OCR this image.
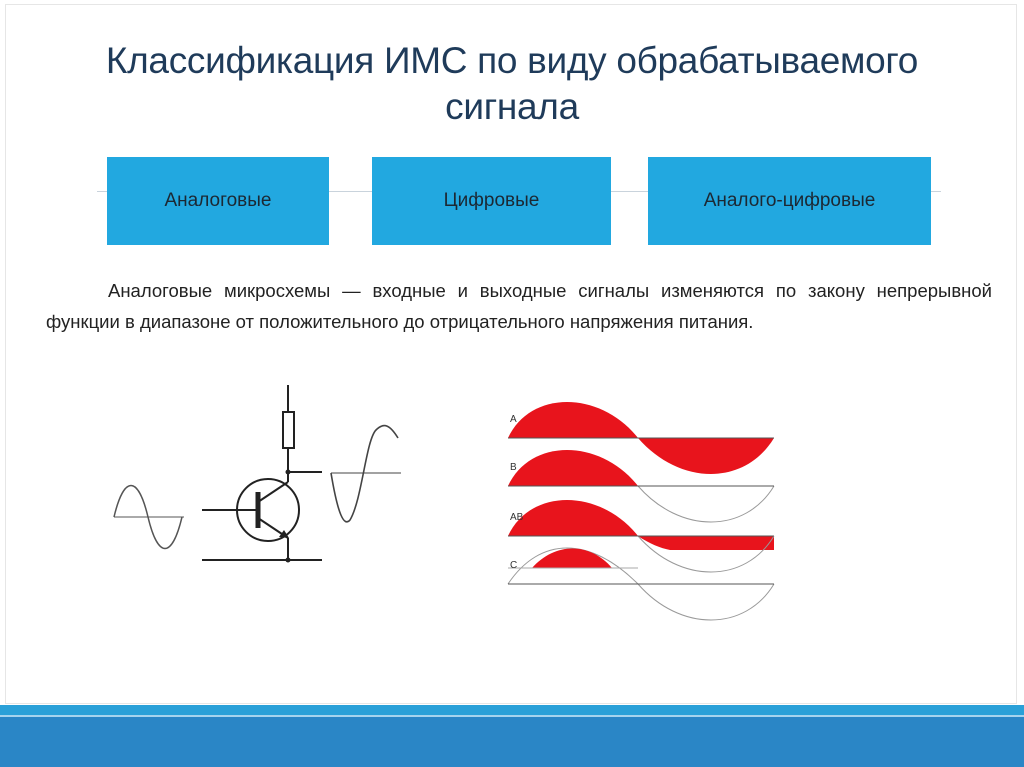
Классификация ИМС по виду обрабатываемого сигнала
Аналоговые	Цифровые	Аналого-цифровые
Аналоговые микросхемы — входные и выходные сигналы изменяются по закону непрерывной функции в диапазоне от положительного до отрицательного напряжения питания.
A
B
AB
C
